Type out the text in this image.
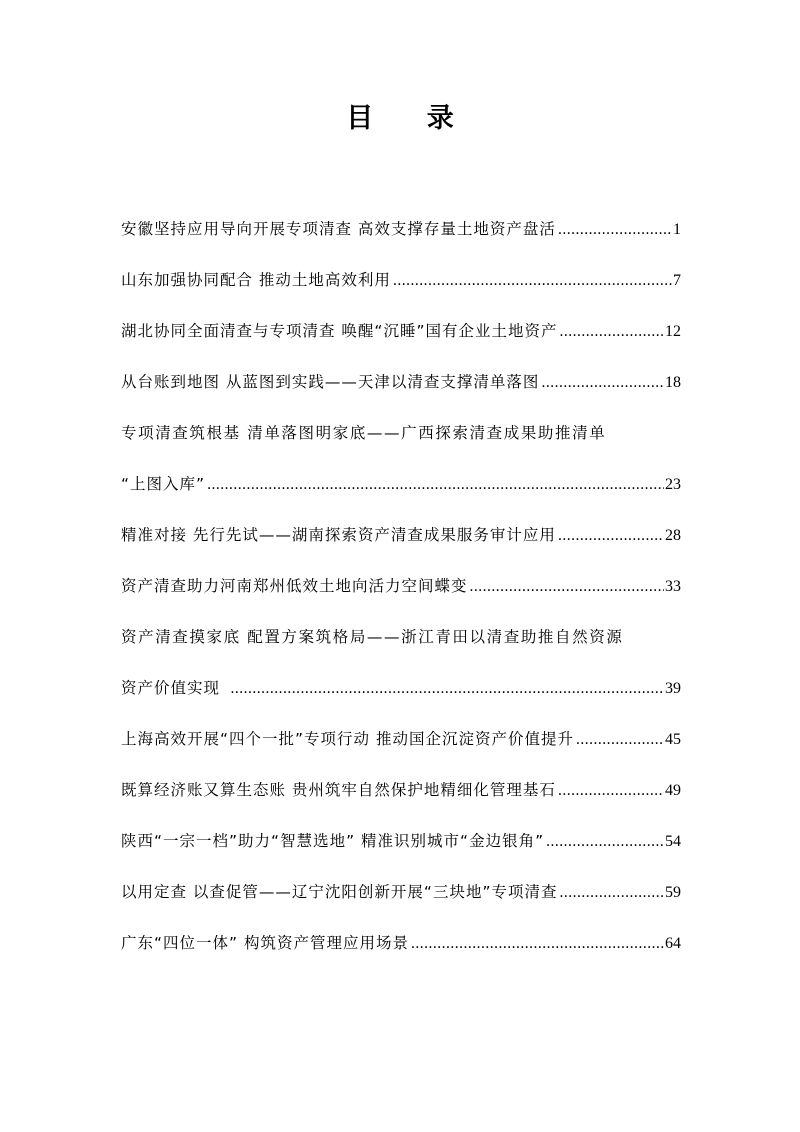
目 录
安徽坚持应用导向开展专项清查 高效支撑存量土地资产盘活 .....	1
山东加强协同配合 推动土地高效利用 .....	7
湖北协同全面清查与专项清查 唤醒“沉睡”国有企业土地资产 .....	12
从台账到地图 从蓝图到实践——天津以清查支撑清单落图 .....	18
专项清查筑根基 清单落图明家底——广西探索清查成果助推清单
“上图入库” .....	23
精准对接 先行先试——湖南探索资产清查成果服务审计应用 .....	28
资产清查助力河南郑州低效土地向活力空间蝶变 .....	33
资产清查摸家底 配置方案筑格局——浙江青田以清查助推自然资源
资产价值实现 .....	39
上海高效开展“四个一批”专项行动 推动国企沉淀资产价值提升 .....	45
既算经济账又算生态账 贵州筑牢自然保护地精细化管理基石 .....	49
陕西“一宗一档”助力“智慧选地” 精准识别城市“金边银角” .....	54
以用定查 以查促管——辽宁沈阳创新开展“三块地”专项清查 .....	59
广东“四位一体” 构筑资产管理应用场景 .....	64
